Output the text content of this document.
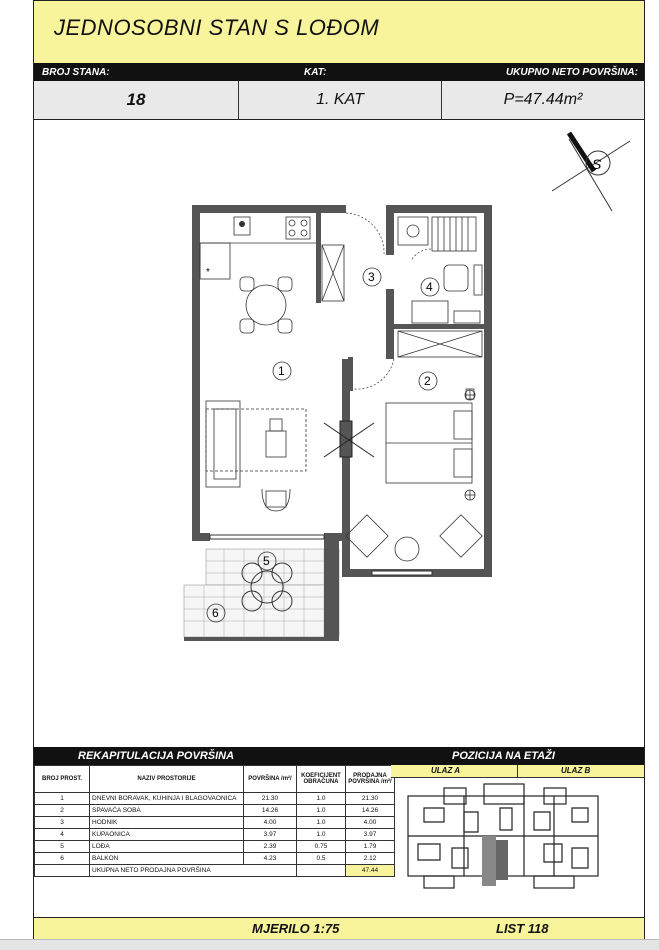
JEDNOSOBNI STAN S LOĐOM
BROJ STANA:	KAT:	UKUPNO NETO POVRŠINA:
18	1. KAT	P=47.44m²
S
*
1
2
3
4
5
6
REKAPITULACIJA POVRŠINA	POZICIJA NA ETAŽI
BROJ PROST.	NAZIV PROSTORIJE	POVRŠINA /m²/	KOEFICIJENT OBRAČUNA	PRODAJNA POVRŠINA /m²/
1	DNEVNI BORAVAK, KUHINJA I BLAGOVAONICA	21.30	1.0	21.30
2	SPAVAĆA SOBA	14.26	1.0	14.26
3	HODNIK	4.00	1.0	4.00
4	KUPAONICA	3.97	1.0	3.97
5	LOĐA	2.39	0.75	1.79
6	BALKON	4.23	0.5	2.12
	UKUPNA NETO PRODAJNA POVRŠINA			47.44
ULAZ A	ULAZ B
MJERILO 1:75	LIST 118
